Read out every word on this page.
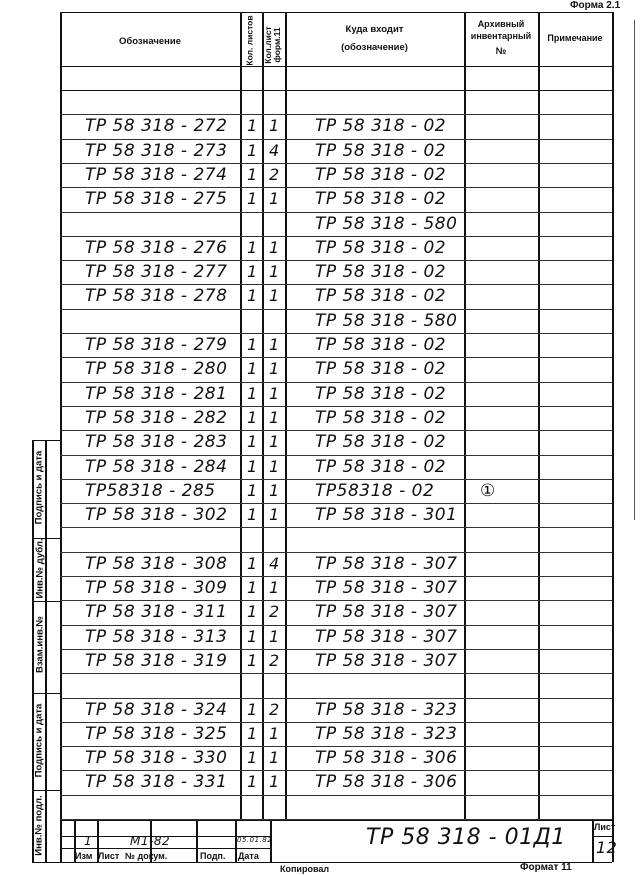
Форма 2.1
Подпись и дата
Взам.инв.№
Инв.№ дубл.
Подпись и дата
Инв.№ подл.
Обозначение	Кол. листов Кол.лист форм.11	Куда входит
(обозначение)
Архивный инвентарный
№
Примечание
ТР 58 318 - 272 1 1 ТР 58 318 - 02
ТР 58 318 - 273 1 4 ТР 58 318 - 02
ТР 58 318 - 274 1 2 ТР 58 318 - 02
ТР 58 318 - 275 1 1 ТР 58 318 - 02
ТР 58 318 - 580
ТР 58 318 - 276 1 1 ТР 58 318 - 02
ТР 58 318 - 277 1 1 ТР 58 318 - 02
ТР 58 318 - 278 1 1 ТР 58 318 - 02
ТР 58 318 - 580
ТР 58 318 - 279 1 1 ТР 58 318 - 02
ТР 58 318 - 280 1 1 ТР 58 318 - 02
ТР 58 318 - 281 1 1 ТР 58 318 - 02
ТР 58 318 - 282 1 1 ТР 58 318 - 02
ТР 58 318 - 283 1 1 ТР 58 318 - 02
ТР 58 318 - 284 1 1 ТР 58 318 - 02
ТР58318 - 285 1 1 ТР58318 - 02	①
ТР 58 318 - 302 1 1 ТР 58 318 - 301
ТР 58 318 - 308 1 4 ТР 58 318 - 307
ТР 58 318 - 309 1 1 ТР 58 318 - 307
ТР 58 318 - 311 1 2 ТР 58 318 - 307
ТР 58 318 - 313 1 1 ТР 58 318 - 307
ТР 58 318 - 319 1 2 ТР 58 318 - 307
ТР 58 318 - 324 1 2 ТР 58 318 - 323
ТР 58 318 - 325 1 1 ТР 58 318 - 323
ТР 58 318 - 330 1 1 ТР 58 318 - 306
ТР 58 318 - 331 1 1 ТР 58 318 - 306
1	М1-82	05.01.82
Изм Лист № докум.	Подп. Дата
ТР 58 318 - 01Д1	Лист
12
Копировал	Формат 11
